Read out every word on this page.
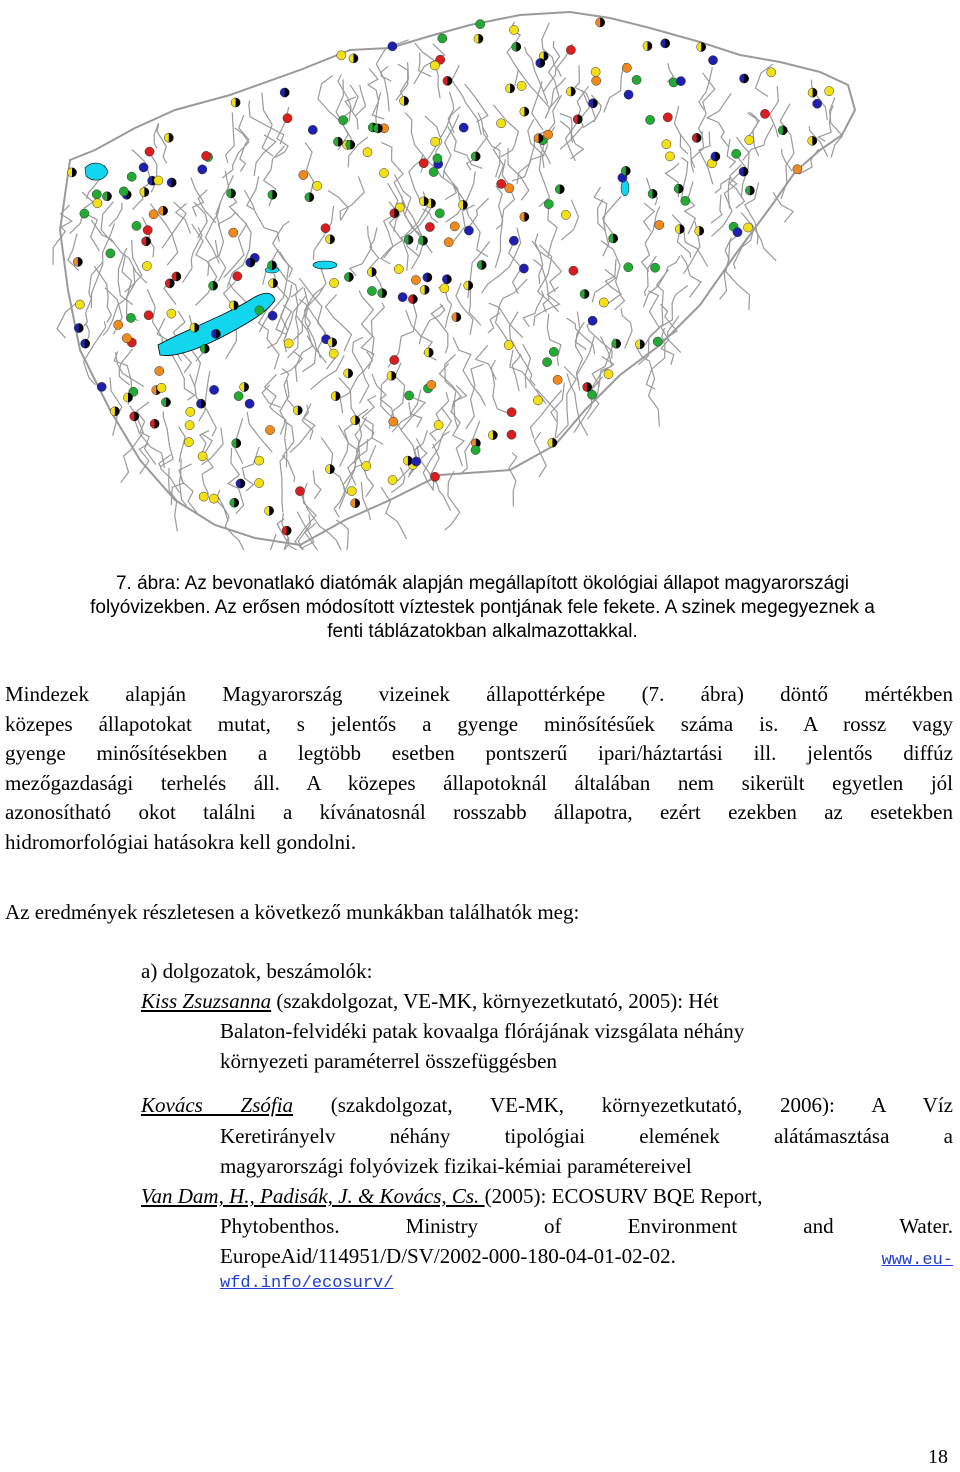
7. ábra: Az bevonatlakó diatómák alapján megállapított ökológiai állapot magyarországi
folyóvizekben. Az erősen módosított víztestek pontjának fele fekete. A szinek megegyeznek a
fenti táblázatokban alkalmazottakkal.
Mindezek alapján Magyarország vizeinek állapottérképe (7. ábra) döntő mértékben
közepes állapotokat mutat, s jelentős a gyenge minősítésűek száma is. A rossz vagy
gyenge minősítésekben a legtöbb esetben pontszerű ipari/háztartási ill. jelentős diffúz
mezőgazdasági terhelés áll. A közepes állapotoknál általában nem sikerült egyetlen jól
azonosítható okot találni a kívánatosnál rosszabb állapotra, ezért ezekben az esetekben
hidromorfológiai hatásokra kell gondolni.
Az eredmények részletesen a következő munkákban találhatók meg:
a) dolgozatok, beszámolók:
Kiss Zsuzsanna (szakdolgozat, VE-MK, környezetkutató, 2005): Hét
Balaton-felvidéki patak kovaalga flórájának vizsgálata néhány
környezeti paraméterrel összefüggésben
Kovács Zsófia (szakdolgozat, VE-MK, környezetkutató, 2006): A Víz
Keretirányelv néhány tipológiai elemének alátámasztása a
magyarországi folyóvizek fizikai-kémiai paramétereivel
Van Dam, H., Padisák, J. & Kovács, Cs. (2005): ECOSURV BQE Report,
Phytobenthos. Ministry of Environment and Water.
EuropeAid/114951/D/SV/2002-000-180-04-01-02-02.	www.eu-
wfd.info/ecosurv/
18
